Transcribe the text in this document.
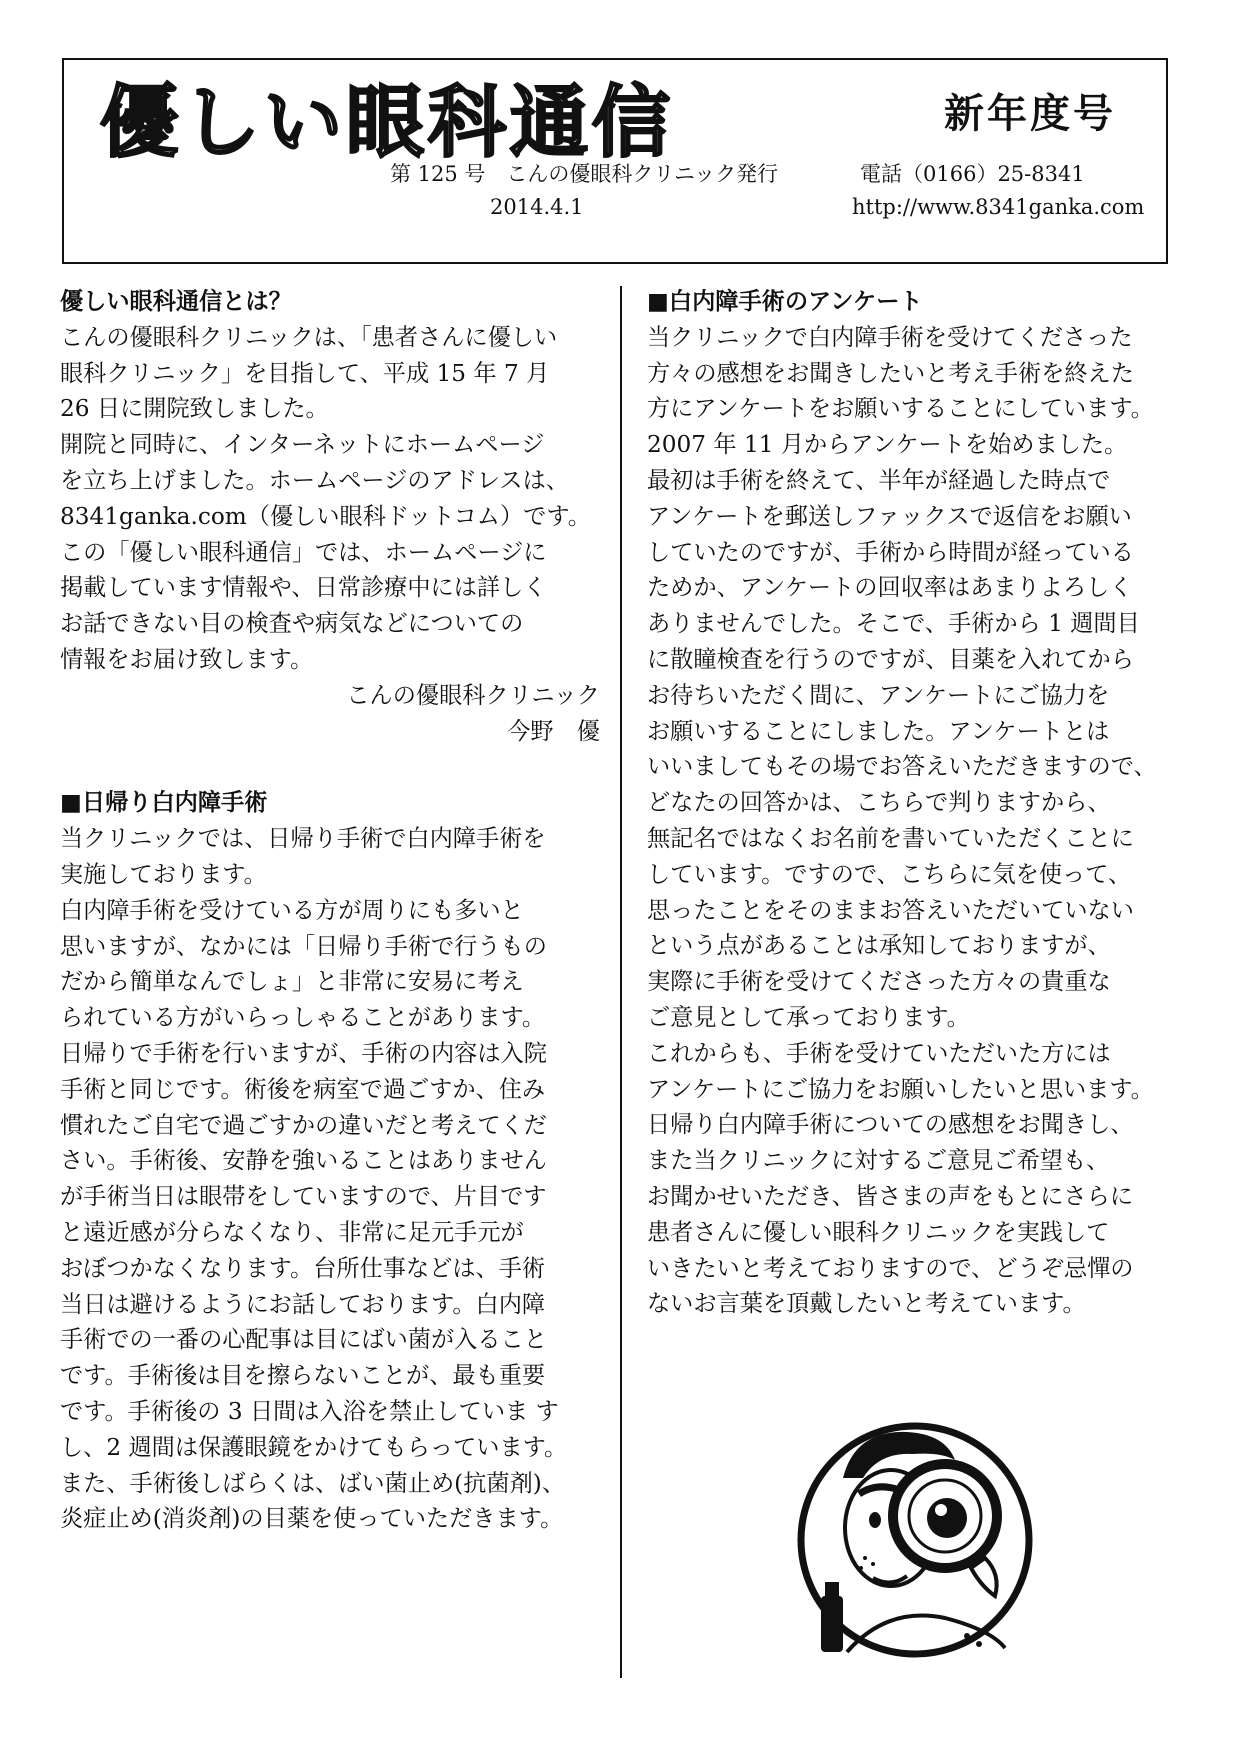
優しい眼科通信	新年度号
第 125 号　こんの優眼科クリニック発行	電話（0166）25-8341
2014.4.1	http://www.8341ganka.com

優しい眼科通信とは？

こんの優眼科クリニックは、「患者さんに優しい

眼科クリニック」を目指して、平成 15 年 7 月

26 日に開院致しました。

開院と同時に、インターネットにホームページ

を立ち上げました。ホームページのアドレスは、

8341ganka.com（優しい眼科ドットコム）です。

この「優しい眼科通信」では、ホームページに

掲載しています情報や、日常診療中には詳しく

お話できない目の検査や病気などについての

情報をお届け致します。

こんの優眼科クリニック

今野　優

■日帰り白内障手術

当クリニックでは、日帰り手術で白内障手術を

実施しております。

白内障手術を受けている方が周りにも多いと

思いますが、なかには「日帰り手術で行うもの

だから簡単なんでしょ」と非常に安易に考え

られている方がいらっしゃることがあります。

日帰りで手術を行いますが、手術の内容は入院

手術と同じです。術後を病室で過ごすか、住み

慣れたご自宅で過ごすかの違いだと考えてくだ

さい。手術後、安静を強いることはありません

が手術当日は眼帯をしていますので、片目です

と遠近感が分らなくなり、非常に足元手元が

おぼつかなくなります。台所仕事などは、手術

当日は避けるようにお話しております。白内障

手術での一番の心配事は目にばい菌が入ること

です。手術後は目を擦らないことが、最も重要

です。手術後の 3 日間は入浴を禁止していま す

し、2 週間は保護眼鏡をかけてもらっています。

また、手術後しばらくは、ばい菌止め(抗菌剤)、

炎症止め(消炎剤)の目薬を使っていただきます。

■白内障手術のアンケート

当クリニックで白内障手術を受けてくださった

方々の感想をお聞きしたいと考え手術を終えた

方にアンケートをお願いすることにしています。

2007 年 11 月からアンケートを始めました。

最初は手術を終えて、半年が経過した時点で

アンケートを郵送しファックスで返信をお願い

していたのですが、手術から時間が経っている

ためか、アンケートの回収率はあまりよろしく

ありませんでした。そこで、手術から 1 週間目

に散瞳検査を行うのですが、目薬を入れてから

お待ちいただく間に、アンケートにご協力を

お願いすることにしました。アンケートとは

いいましてもその場でお答えいただきますので、

どなたの回答かは、こちらで判りますから、

無記名ではなくお名前を書いていただくことに

しています。ですので、こちらに気を使って、

思ったことをそのままお答えいただいていない

という点があることは承知しておりますが、

実際に手術を受けてくださった方々の貴重な

ご意見として承っております。

これからも、手術を受けていただいた方には

アンケートにご協力をお願いしたいと思います。

日帰り白内障手術についての感想をお聞きし、

また当クリニックに対するご意見ご希望も、

お聞かせいただき、皆さまの声をもとにさらに

患者さんに優しい眼科クリニックを実践して

いきたいと考えておりますので、どうぞ忌憚の

ないお言葉を頂戴したいと考えています。
